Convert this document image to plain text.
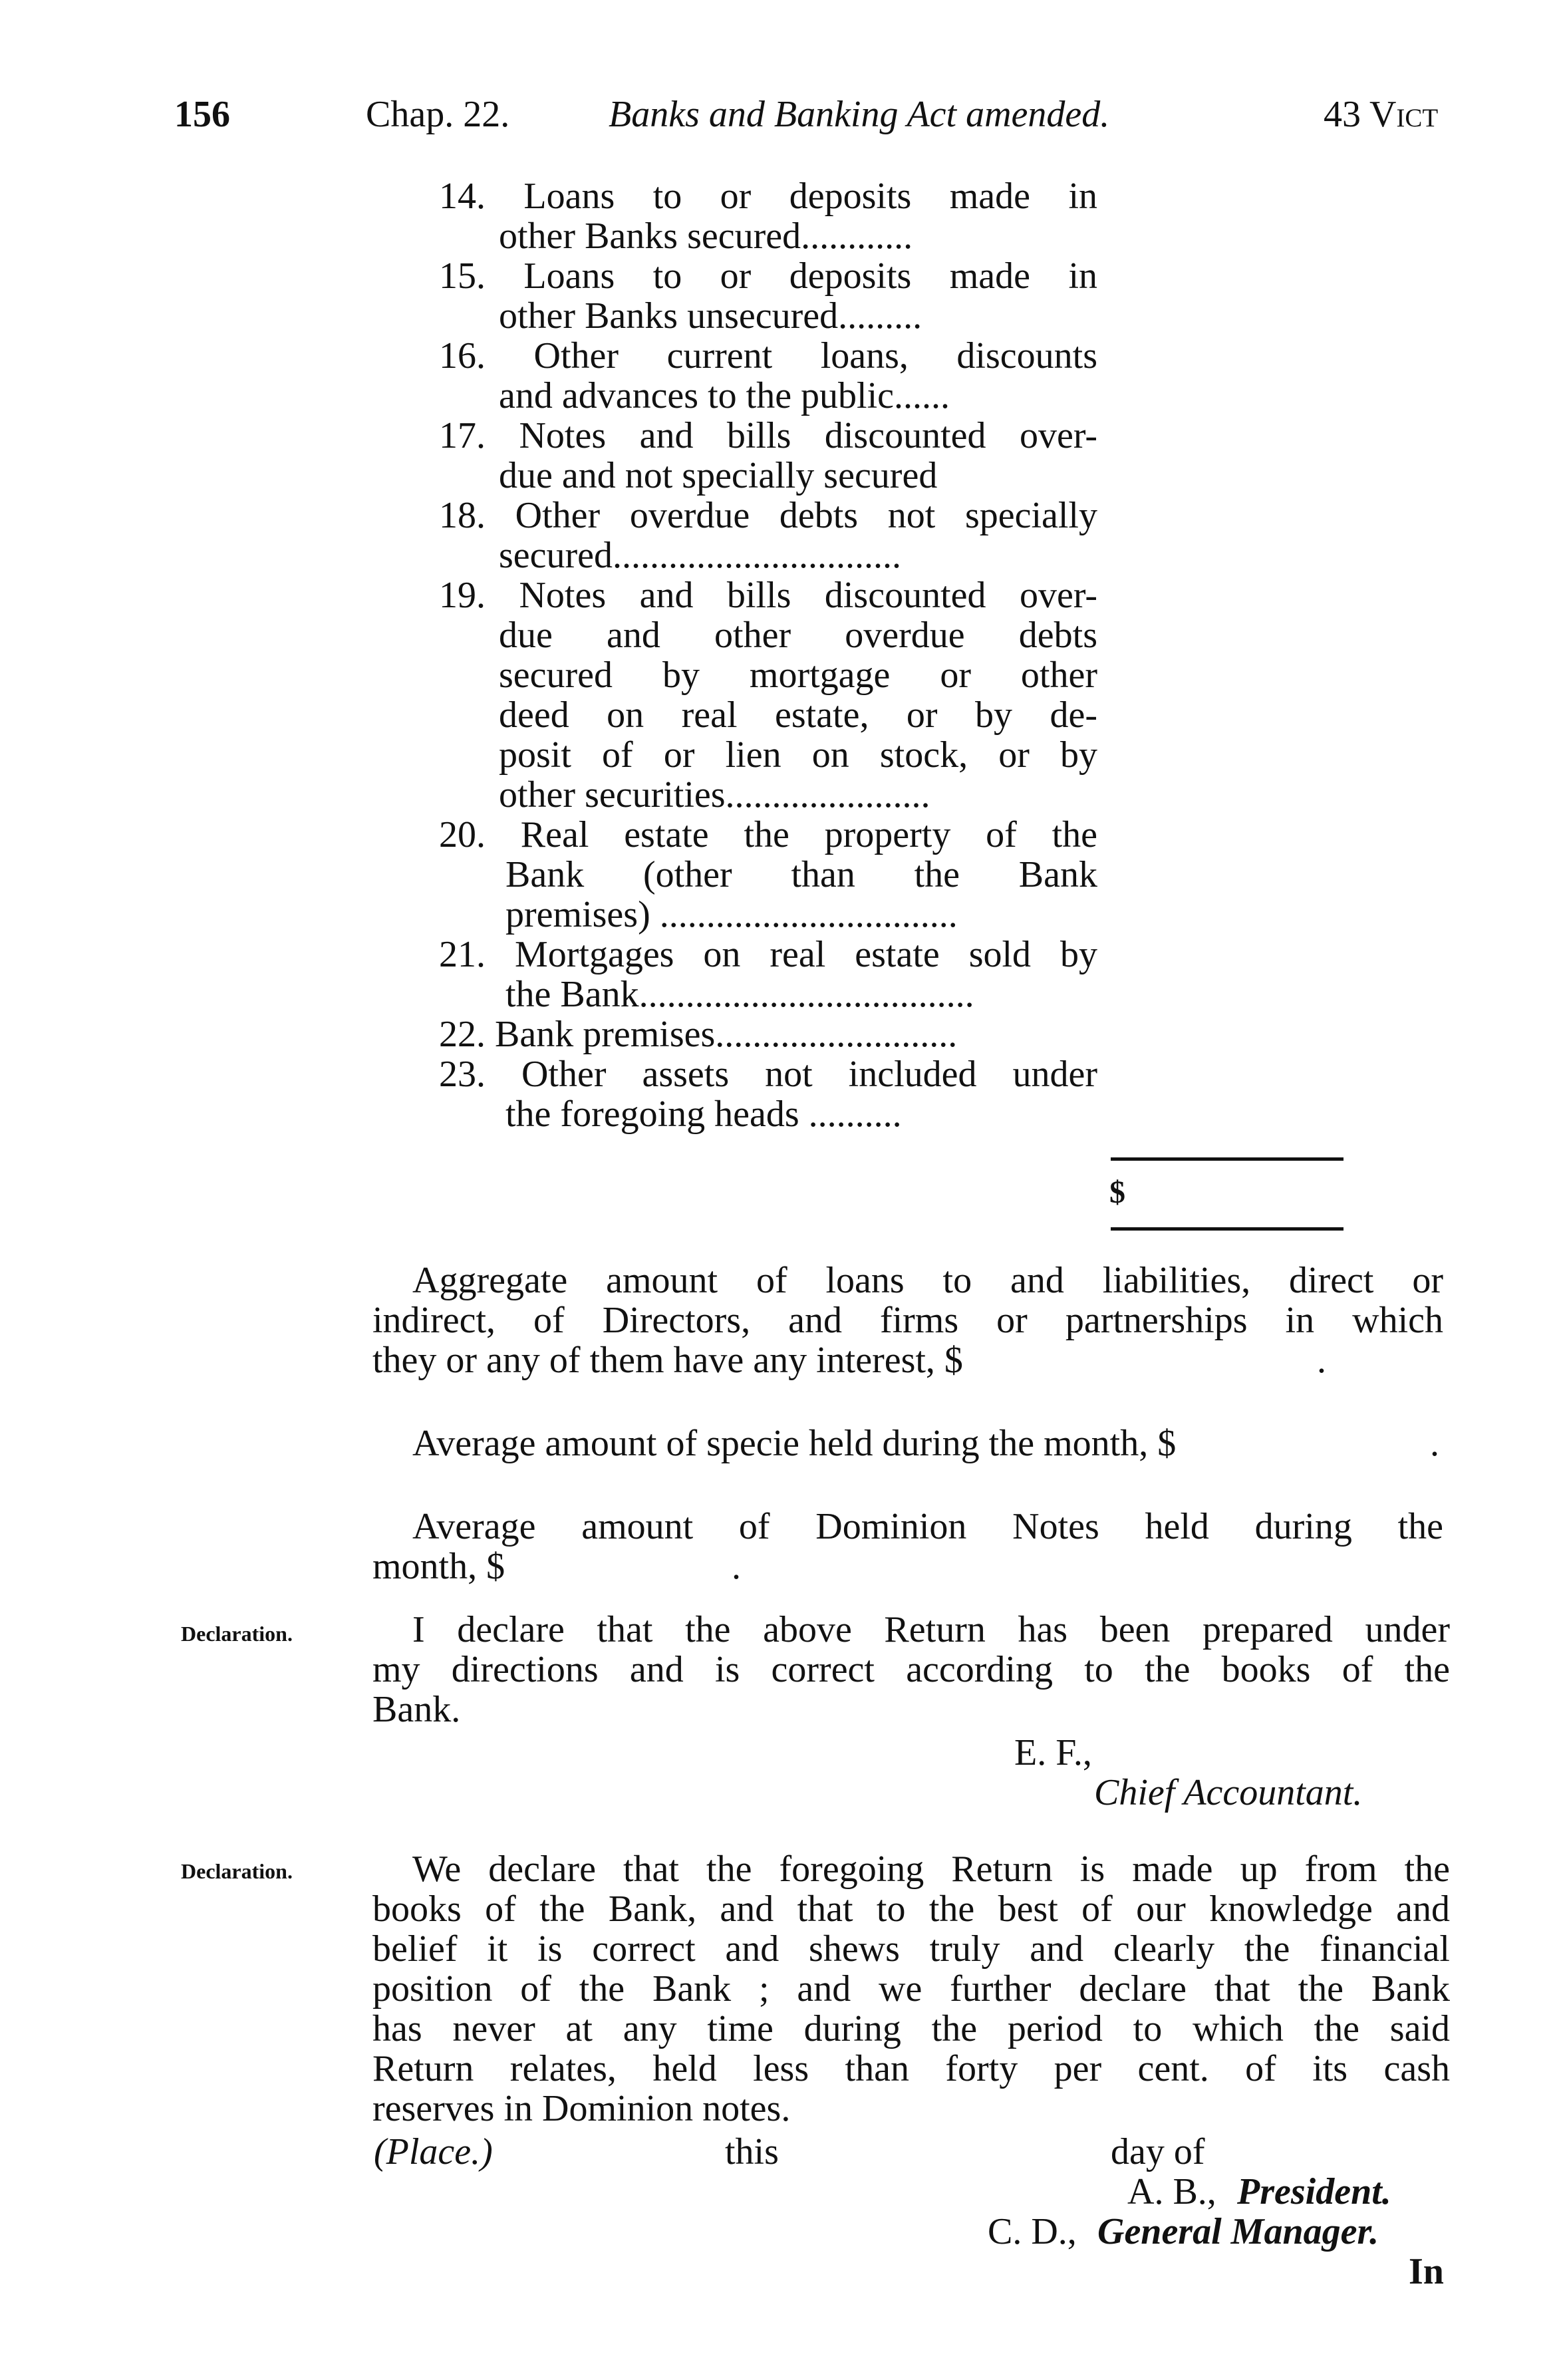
156	Chap. 22.	Banks and Banking Act amended.	43 Vict
14. Loans to or deposits made in
other Banks secured............
15. Loans to or deposits made in
other Banks unsecured.........
16. Other current loans, discounts
and advances to the public......
17. Notes and bills discounted over-
due and not specially secured
18. Other overdue debts not specially
secured...............................
19. Notes and bills discounted over-
due and other overdue debts
secured by mortgage or other
deed on real estate, or by de-
posit of or lien on stock, or by
other securities......................
20. Real estate the property of the
Bank (other than the Bank
premises) ................................
21. Mortgages on real estate sold by
the Bank....................................
22. Bank premises..........................
23. Other assets not included under
the foregoing heads ..........
$
Aggregate amount of loans to and liabilities, direct or
indirect, of Directors, and firms or partnerships in which
they or any of them have any interest, $	.
Average amount of specie held during the month, $	.
Average amount of Dominion Notes held during the
month, $	.
Declaration.	I declare that the above Return has been prepared under
my directions and is correct according to the books of the
Bank.
E. F.,
Chief Accountant.
Declaration.	We declare that the foregoing Return is made up from the
books of the Bank, and that to the best of our knowledge and
belief it is correct and shews truly and clearly the financial
position of the Bank ; and we further declare that the Bank
has never at any time during the period to which the said
Return relates, held less than forty per cent. of its cash
reserves in Dominion notes.
(Place.)	this	day of
A. B., President.
C. D., General Manager.
In
